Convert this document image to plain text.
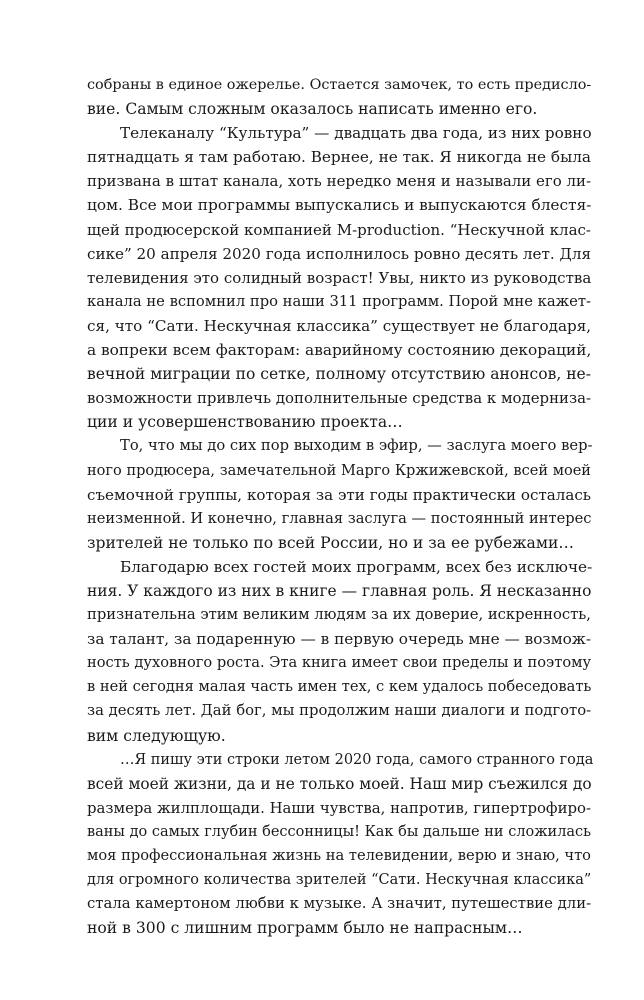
собраны в единое ожерелье. Остается замочек, то есть предисло-
вие. Самым сложным оказалось написать именно его.

Телеканалу “Культура” — двадцать два года, из них ровно
пятнадцать я там работаю. Вернее, не так. Я никогда не была
призвана в штат канала, хоть нередко меня и называли его ли-
цом. Все мои программы выпускались и выпускаются блестя-
щей продюсерской компанией M-production. “Нескучной клас-
сике” 20 апреля 2020 года исполнилось ровно десять лет. Для
телевидения это солидный возраст! Увы, никто из руководства
канала не вспомнил про наши 311 программ. Порой мне кажет-
ся, что “Сати. Нескучная классика” существует не благодаря,
а вопреки всем факторам: аварийному состоянию декораций,
вечной миграции по сетке, полному отсутствию анонсов, не-
возможности привлечь дополнительные средства к модерниза-
ции и усовершенствованию проекта…

То, что мы до сих пор выходим в эфир, — заслуга моего вер-
ного продюсера, замечательной Марго Кржижевской, всей моей
съемочной группы, которая за эти годы практически осталась
неизменной. И конечно, главная заслуга — постоянный интерес
зрителей не только по всей России, но и за ее рубежами…

Благодарю всех гостей моих программ, всех без исключе-
ния. У каждого из них в книге — главная роль. Я несказанно
признательна этим великим людям за их доверие, искренность,
за талант, за подаренную — в первую очередь мне — возмож-
ность духовного роста. Эта книга имеет свои пределы и поэтому
в ней сегодня малая часть имен тех, с кем удалось побеседовать
за десять лет. Дай бог, мы продолжим наши диалоги и подгото-
вим следующую.

…Я пишу эти строки летом 2020 года, самого странного года
всей моей жизни, да и не только моей. Наш мир съежился до
размера жилплощади. Наши чувства, напротив, гипертрофиро-
ваны до самых глубин бессонницы! Как бы дальше ни сложилась
моя профессиональная жизнь на телевидении, верю и знаю, что
для огромного количества зрителей “Сати. Нескучная классика”
стала камертоном любви к музыке. А значит, путешествие дли-
ной в 300 с лишним программ было не напрасным…
